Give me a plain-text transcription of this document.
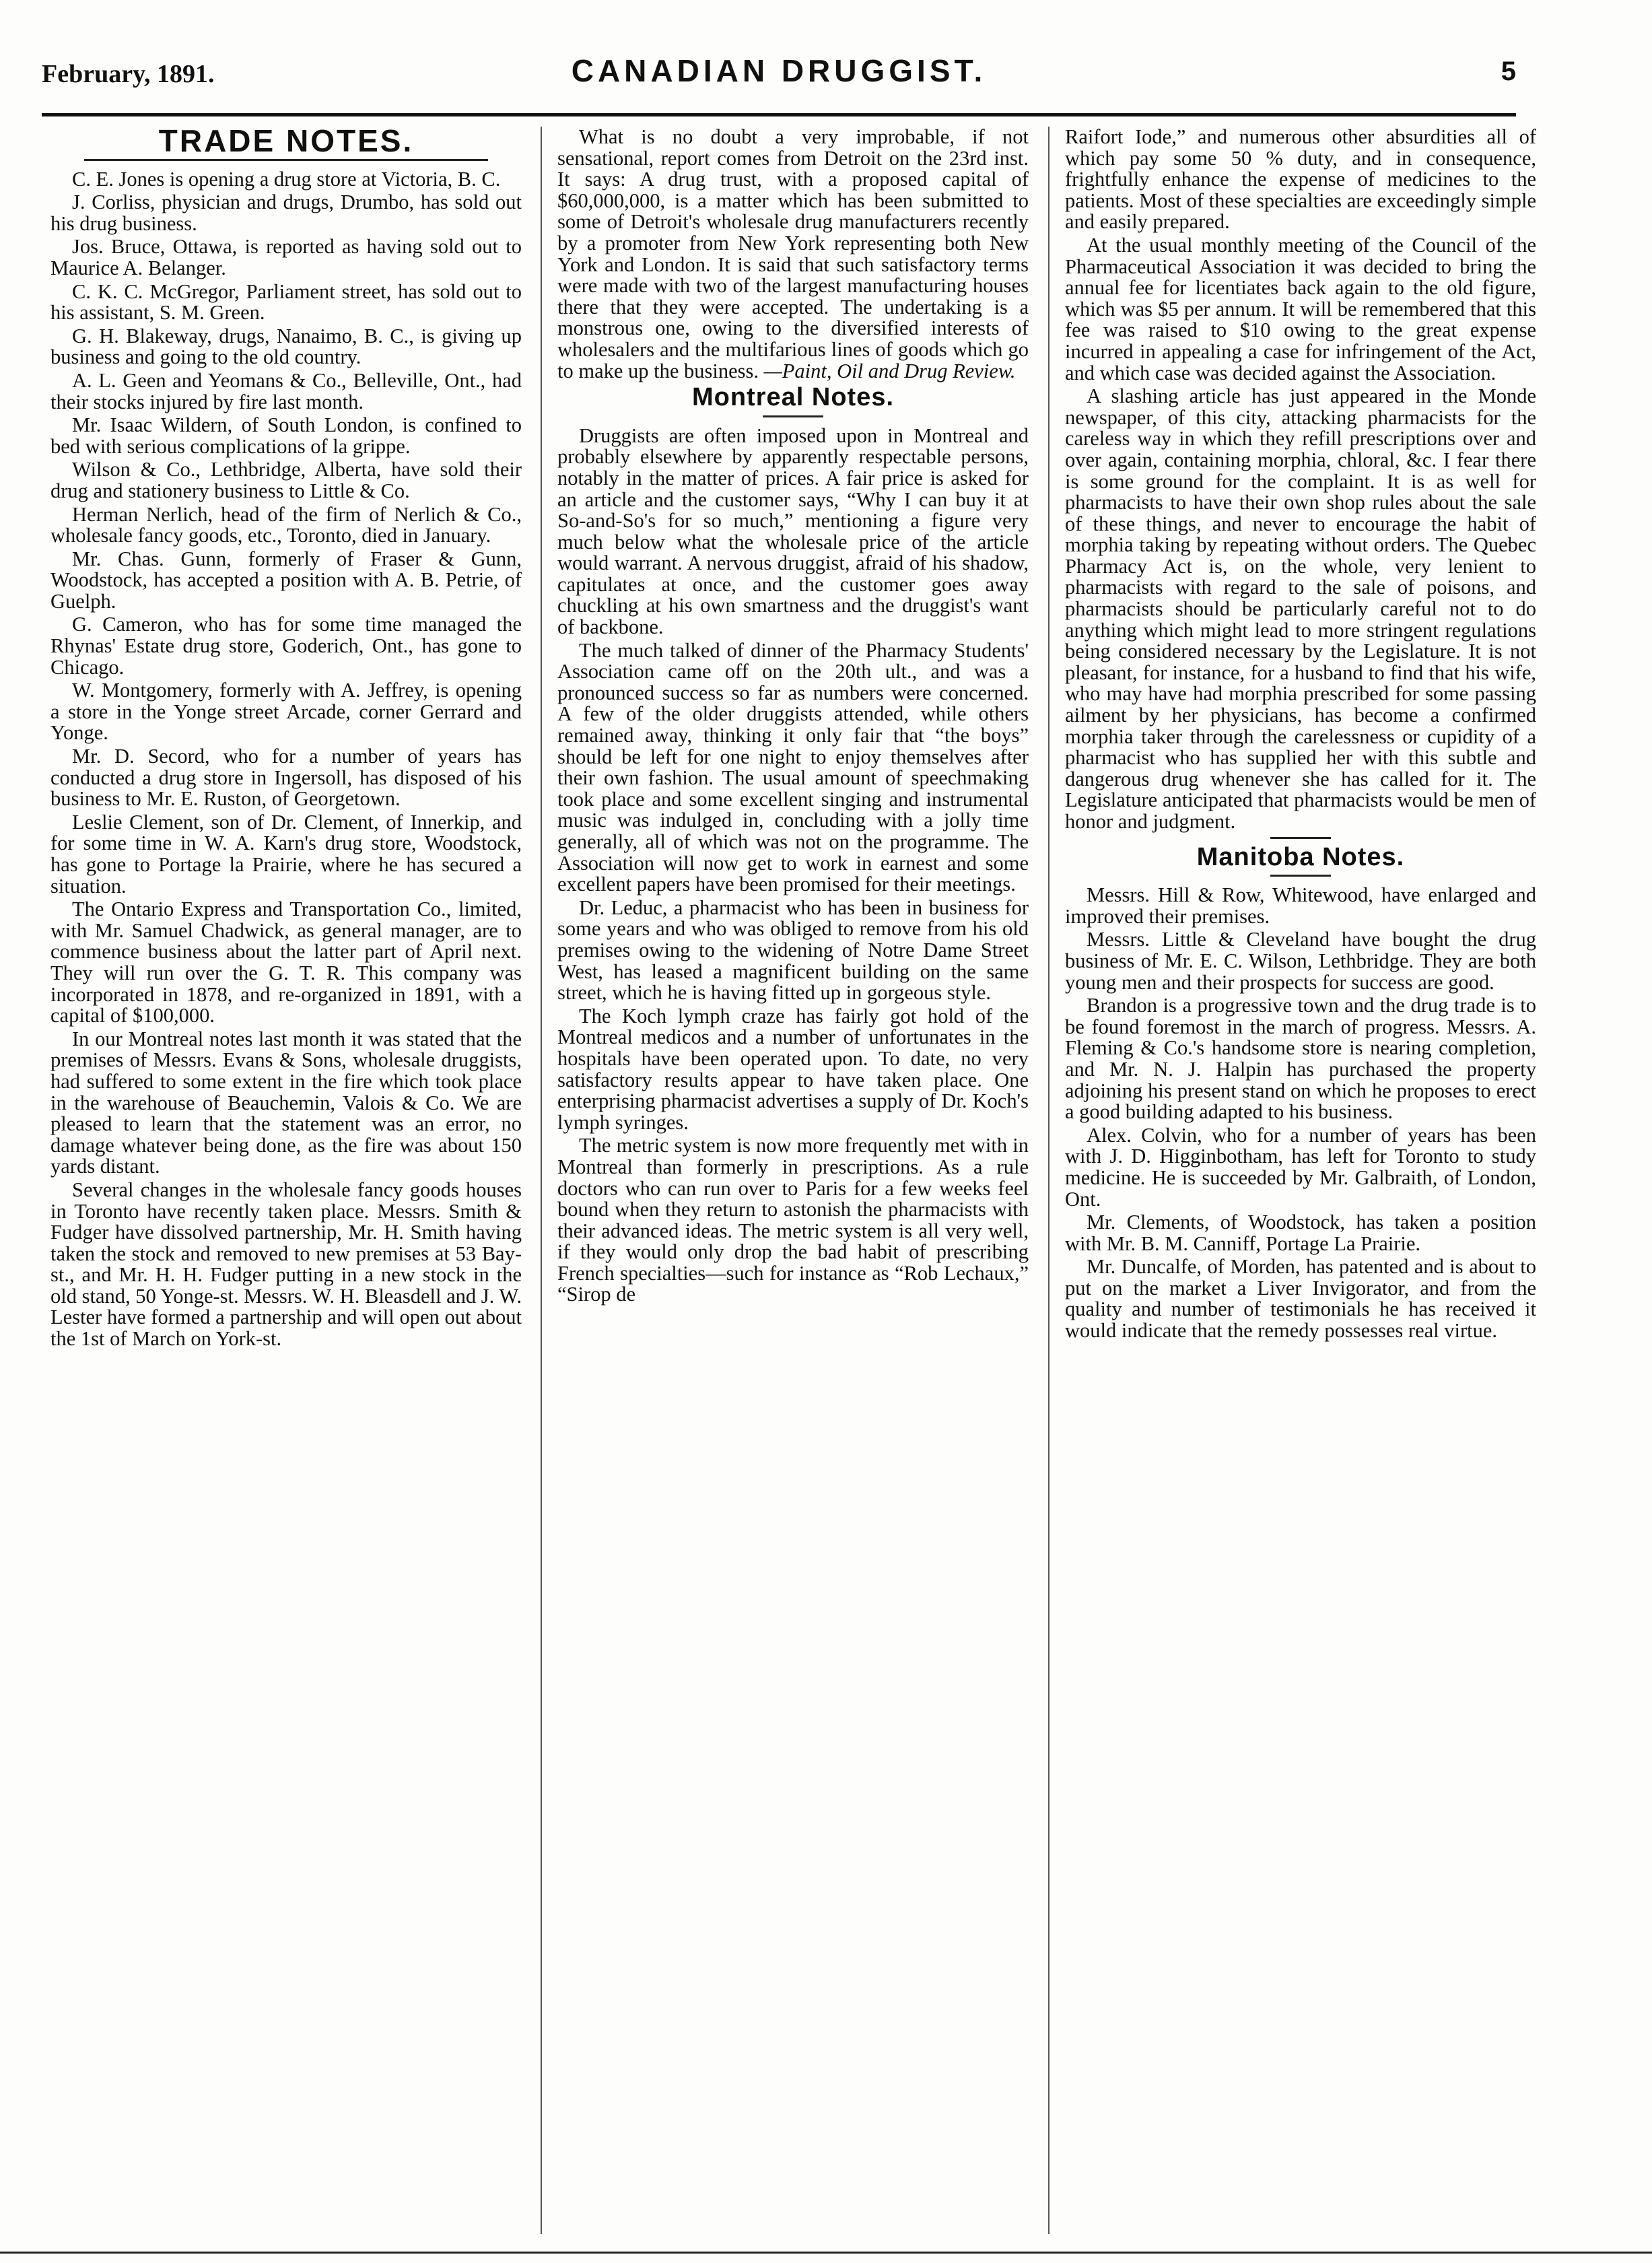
February, 1891.	CANADIAN DRUGGIST.	5
TRADE NOTES.

C. E. Jones is opening a drug store at Victoria, B. C.

J. Corliss, physician and drugs, Drumbo, has sold out his drug business.

Jos. Bruce, Ottawa, is reported as having sold out to Maurice A. Belanger.

C. K. C. McGregor, Parliament street, has sold out to his assistant, S. M. Green.

G. H. Blakeway, drugs, Nanaimo, B. C., is giving up business and going to the old country.

A. L. Geen and Yeomans & Co., Belleville, Ont., had their stocks injured by fire last month.

Mr. Isaac Wildern, of South London, is confined to bed with serious complications of la grippe.

Wilson & Co., Lethbridge, Alberta, have sold their drug and stationery business to Little & Co.

Herman Nerlich, head of the firm of Nerlich & Co., wholesale fancy goods, etc., Toronto, died in January.

Mr. Chas. Gunn, formerly of Fraser & Gunn, Woodstock, has accepted a position with A. B. Petrie, of Guelph.

G. Cameron, who has for some time managed the Rhynas' Estate drug store, Goderich, Ont., has gone to Chicago.

W. Montgomery, formerly with A. Jeffrey, is opening a store in the Yonge street Arcade, corner Gerrard and Yonge.

Mr. D. Secord, who for a number of years has conducted a drug store in Ingersoll, has disposed of his business to Mr. E. Ruston, of Georgetown.

Leslie Clement, son of Dr. Clement, of Innerkip, and for some time in W. A. Karn's drug store, Woodstock, has gone to Portage la Prairie, where he has secured a situation.

The Ontario Express and Transportation Co., limited, with Mr. Samuel Chadwick, as general manager, are to commence business about the latter part of April next. They will run over the G. T. R. This company was incorporated in 1878, and re-organized in 1891, with a capital of $100,000.

In our Montreal notes last month it was stated that the premises of Messrs. Evans & Sons, wholesale druggists, had suffered to some extent in the fire which took place in the warehouse of Beauchemin, Valois & Co. We are pleased to learn that the statement was an error, no damage whatever being done, as the fire was about 150 yards distant.

Several changes in the wholesale fancy goods houses in Toronto have recently taken place. Messrs. Smith & Fudger have dissolved partnership, Mr. H. Smith having taken the stock and removed to new premises at 53 Bay-st., and Mr. H. H. Fudger putting in a new stock in the old stand, 50 Yonge-st. Messrs. W. H. Bleasdell and J. W. Lester have formed a partnership and will open out about the 1st of March on York-st.

What is no doubt a very improbable, if not sensational, report comes from Detroit on the 23rd inst. It says: A drug trust, with a proposed capital of $60,000,000, is a matter which has been submitted to some of Detroit's wholesale drug manufacturers recently by a promoter from New York representing both New York and London. It is said that such satisfactory terms were made with two of the largest manufacturing houses there that they were accepted. The undertaking is a monstrous one, owing to the diversified interests of wholesalers and the multifarious lines of goods which go to make up the business. —Paint, Oil and Drug Review.

Montreal Notes.

Druggists are often imposed upon in Montreal and probably elsewhere by apparently respectable persons, notably in the matter of prices. A fair price is asked for an article and the customer says, “Why I can buy it at So-and-So's for so much,” mentioning a figure very much below what the wholesale price of the article would warrant. A nervous druggist, afraid of his shadow, capitulates at once, and the customer goes away chuckling at his own smartness and the druggist's want of backbone.

The much talked of dinner of the Pharmacy Students' Association came off on the 20th ult., and was a pronounced success so far as numbers were concerned. A few of the older druggists attended, while others remained away, thinking it only fair that “the boys” should be left for one night to enjoy themselves after their own fashion. The usual amount of speechmaking took place and some excellent singing and instrumental music was indulged in, concluding with a jolly time generally, all of which was not on the programme. The Association will now get to work in earnest and some excellent papers have been promised for their meetings.

Dr. Leduc, a pharmacist who has been in business for some years and who was obliged to remove from his old premises owing to the widening of Notre Dame Street West, has leased a magnificent building on the same street, which he is having fitted up in gorgeous style.

The Koch lymph craze has fairly got hold of the Montreal medicos and a number of unfortunates in the hospitals have been operated upon. To date, no very satisfactory results appear to have taken place. One enterprising pharmacist advertises a supply of Dr. Koch's lymph syringes.

The metric system is now more frequently met with in Montreal than formerly in prescriptions. As a rule doctors who can run over to Paris for a few weeks feel bound when they return to astonish the pharmacists with their advanced ideas. The metric system is all very well, if they would only drop the bad habit of prescribing French specialties—such for instance as “Rob Lechaux,” “Sirop de

Raifort Iode,” and numerous other absurdities all of which pay some 50 % duty, and in consequence, frightfully enhance the expense of medicines to the patients. Most of these specialties are exceedingly simple and easily prepared.

At the usual monthly meeting of the Council of the Pharmaceutical Association it was decided to bring the annual fee for licentiates back again to the old figure, which was $5 per annum. It will be remembered that this fee was raised to $10 owing to the great expense incurred in appealing a case for infringement of the Act, and which case was decided against the Association.

A slashing article has just appeared in the Monde newspaper, of this city, attacking pharmacists for the careless way in which they refill prescriptions over and over again, containing morphia, chloral, &c. I fear there is some ground for the complaint. It is as well for pharmacists to have their own shop rules about the sale of these things, and never to encourage the habit of morphia taking by repeating without orders. The Quebec Pharmacy Act is, on the whole, very lenient to pharmacists with regard to the sale of poisons, and pharmacists should be particularly careful not to do anything which might lead to more stringent regulations being considered necessary by the Legislature. It is not pleasant, for instance, for a husband to find that his wife, who may have had morphia prescribed for some passing ailment by her physicians, has become a confirmed morphia taker through the carelessness or cupidity of a pharmacist who has supplied her with this subtle and dangerous drug whenever she has called for it. The Legislature anticipated that pharmacists would be men of honor and judgment.

Manitoba Notes.

Messrs. Hill & Row, Whitewood, have enlarged and improved their premises.

Messrs. Little & Cleveland have bought the drug business of Mr. E. C. Wilson, Lethbridge. They are both young men and their prospects for success are good.

Brandon is a progressive town and the drug trade is to be found foremost in the march of progress. Messrs. A. Fleming & Co.'s handsome store is nearing completion, and Mr. N. J. Halpin has purchased the property adjoining his present stand on which he proposes to erect a good building adapted to his business.

Alex. Colvin, who for a number of years has been with J. D. Higginbotham, has left for Toronto to study medicine. He is succeeded by Mr. Galbraith, of London, Ont.

Mr. Clements, of Woodstock, has taken a position with Mr. B. M. Canniff, Portage La Prairie.

Mr. Duncalfe, of Morden, has patented and is about to put on the market a Liver Invigorator, and from the quality and number of testimonials he has received it would indicate that the remedy possesses real virtue.
